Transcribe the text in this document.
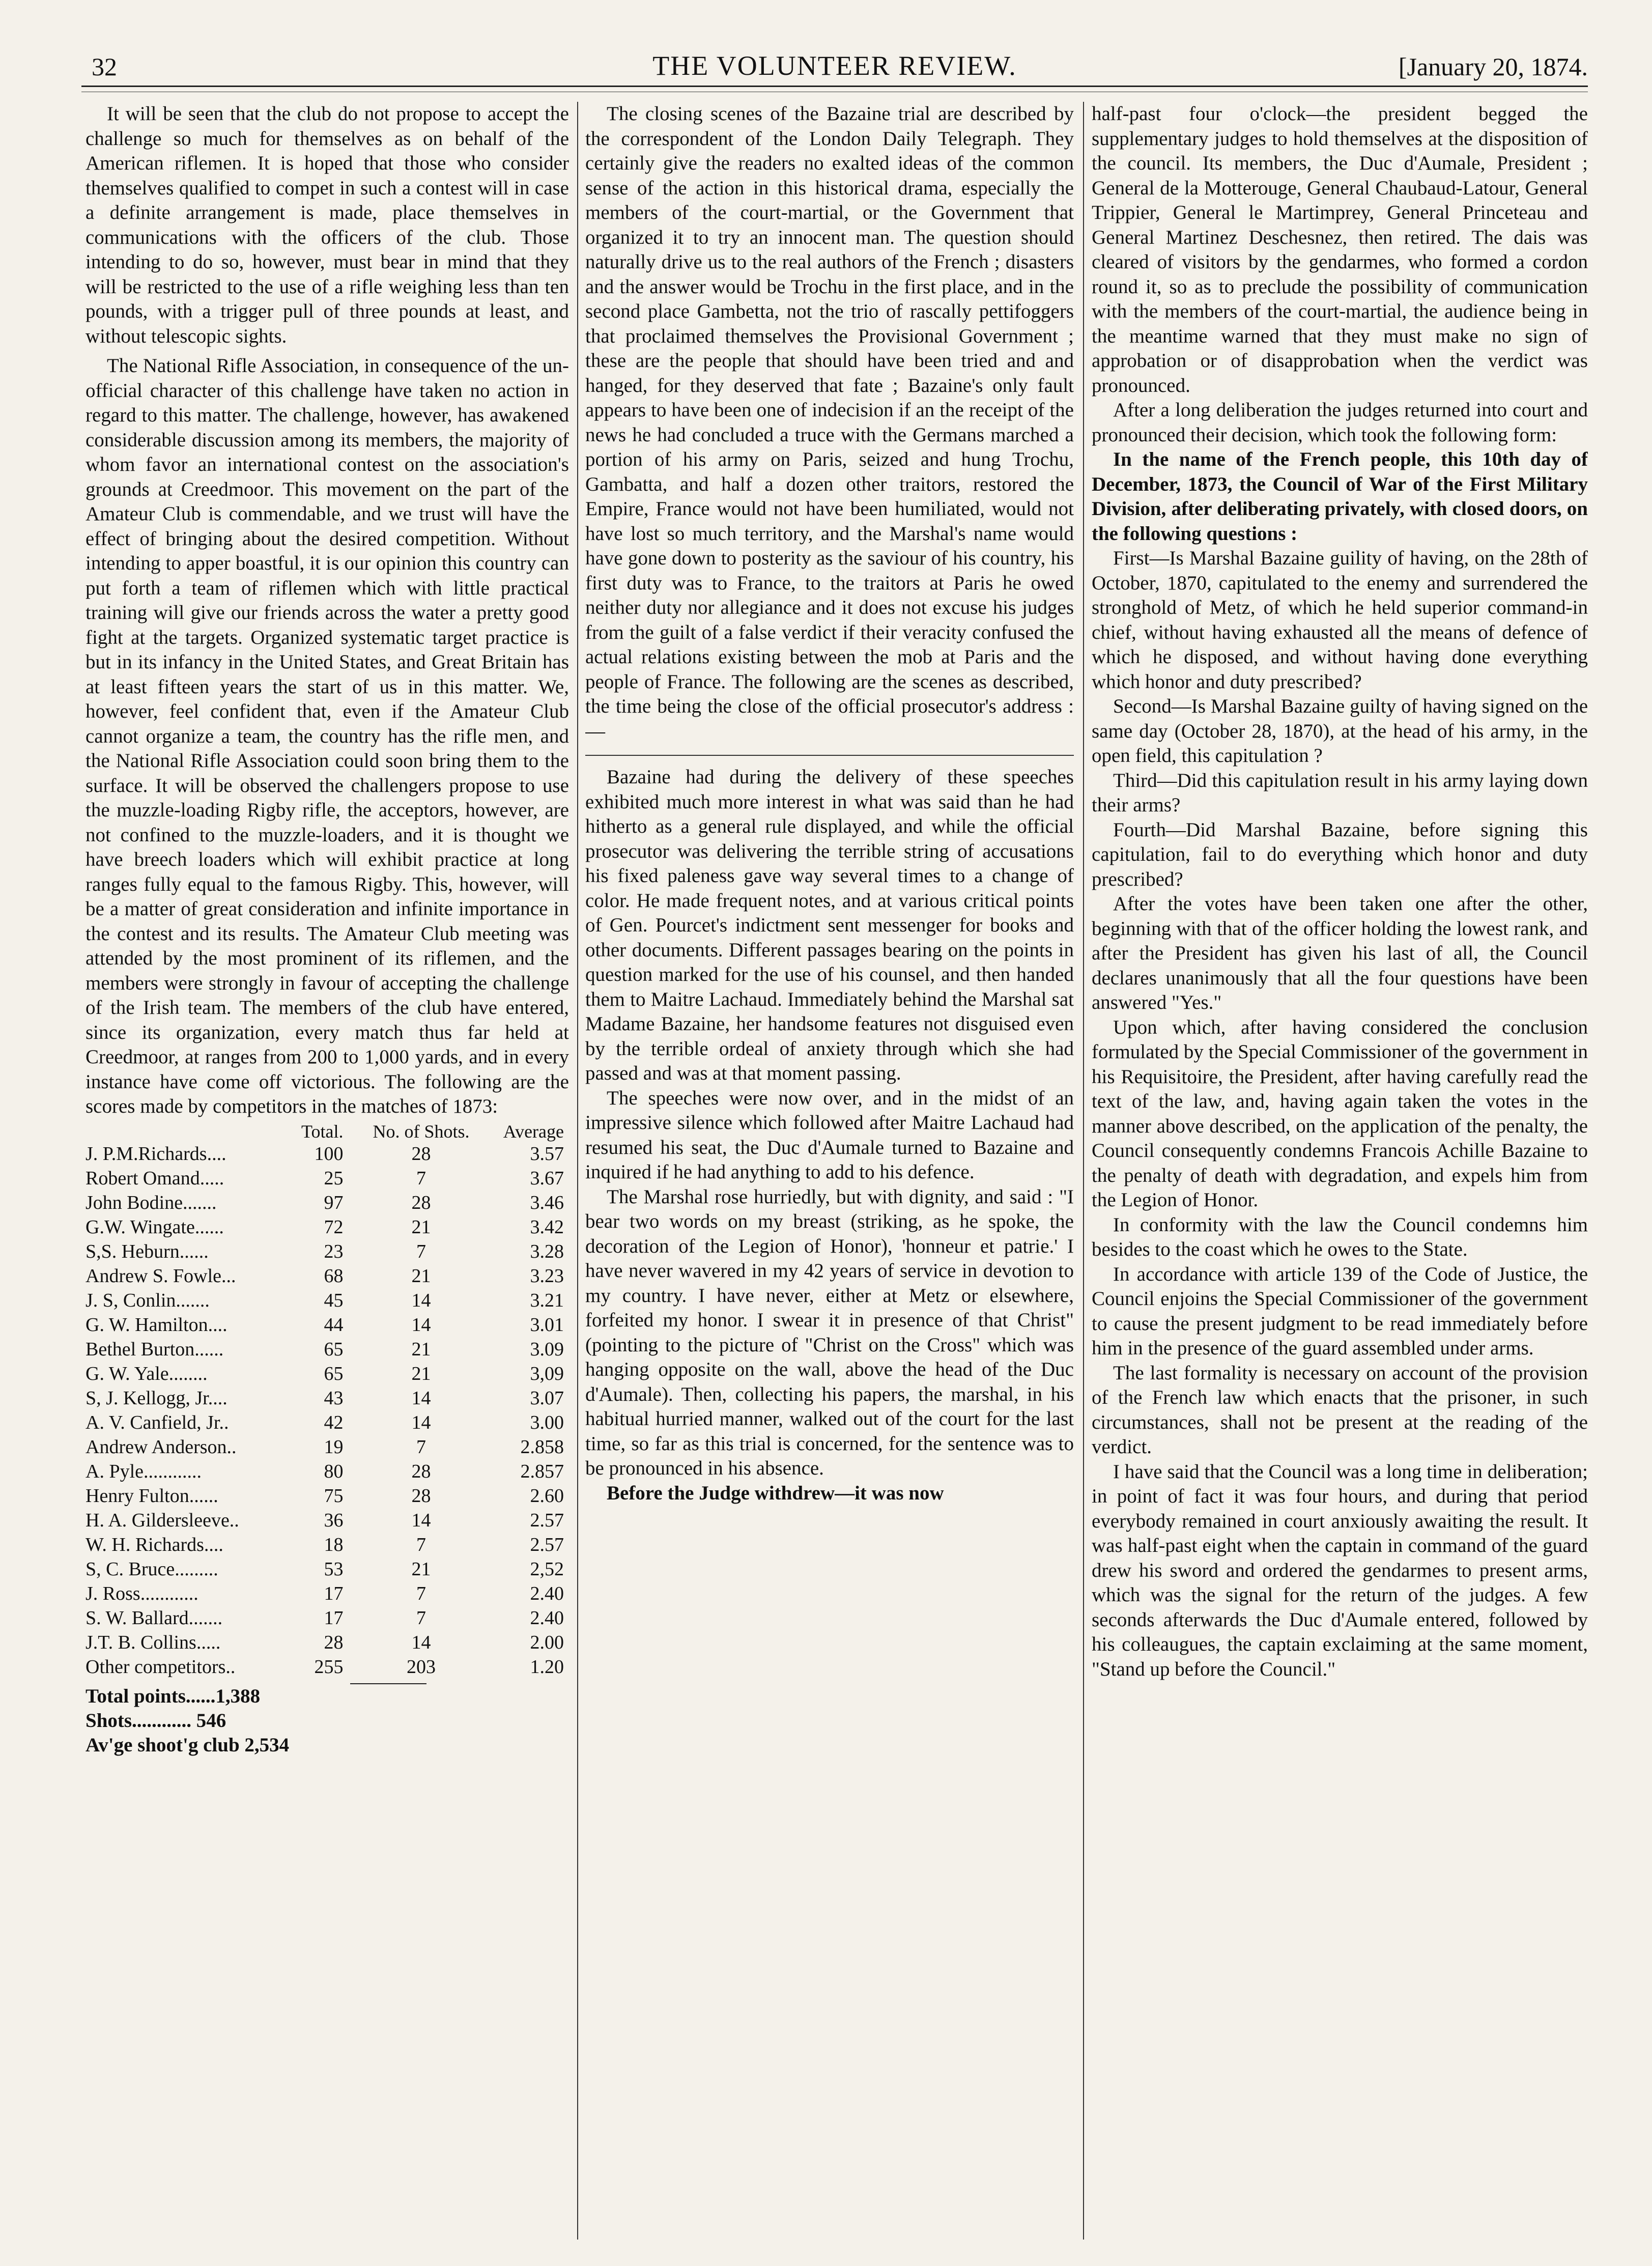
32	THE VOLUNTEER REVIEW.	[January 20, 1874.

It will be seen that the club do not propose to accept the challenge so much for themselves as on behalf of the American riflemen. It is hoped that those who consider themselves qualified to compet in such a contest will in case a definite arrangement is made, place themselves in communications with the officers of the club. Those intending to do so, however, must bear in mind that they will be restricted to the use of a rifle weighing less than ten pounds, with a trigger pull of three pounds at least, and without telescopic sights.

The National Rifle Association, in consequence of the un-official character of this challenge have taken no action in regard to this matter. The challenge, however, has awakened considerable discussion among its members, the majority of whom favor an international contest on the association's grounds at Creedmoor. This movement on the part of the Amateur Club is commendable, and we trust will have the effect of bringing about the desired competition. Without intending to apper boastful, it is our opinion this country can put forth a team of riflemen which with little practical training will give our friends across the water a pretty good fight at the targets. Organized systematic target practice is but in its infancy in the United States, and Great Britain has at least fifteen years the start of us in this matter. We, however, feel confident that, even if the Amateur Club cannot organize a team, the country has the rifle men, and the National Rifle Association could soon bring them to the surface. It will be observed the challengers propose to use the muzzle-loading Rigby rifle, the acceptors, however, are not confined to the muzzle-loaders, and it is thought we have breech loaders which will exhibit practice at long ranges fully equal to the famous Rigby. This, however, will be a matter of great consideration and infinite importance in the contest and its results. The Amateur Club meeting was attended by the most prominent of its riflemen, and the members were strongly in favour of accepting the challenge of the Irish team. The members of the club have entered, since its organization, every match thus far held at Creedmoor, at ranges from 200 to 1,000 yards, and in every instance have come off victorious. The following are the scores made by competitors in the matches of 1873:

	Total.	No. of Shots.	Average
J. P.M.Richards....	100	28	3.57
Robert Omand.....	25	7	3.67
John Bodine.......	97	28	3.46
G.W. Wingate......	72	21	3.42
S,S. Heburn......	23	7	3.28
Andrew S. Fowle...	68	21	3.23
J. S, Conlin.......	45	14	3.21
G. W. Hamilton....	44	14	3.01
Bethel Burton......	65	21	3.09
G. W. Yale........	65	21	3,09
S, J. Kellogg, Jr....	43	14	3.07
A. V. Canfield, Jr..	42	14	3.00
Andrew Anderson..	19	7	2.858
A. Pyle............	80	28	2.857
Henry Fulton......	75	28	2.60
H. A. Gildersleeve..	36	14	2.57
W. H. Richards....	18	7	2.57
S, C. Bruce.........	53	21	2,52
J. Ross............	17	7	2.40
S. W. Ballard.......	17	7	2.40
J.T. B. Collins.....	28	14	2.00
Other competitors..	255	203	1.20
Total points......1,388
Shots............ 546
Av'ge shoot'g club 2,534

The closing scenes of the Bazaine trial are described by the correspondent of the London Daily Telegraph. They certainly give the readers no exalted ideas of the common sense of the action in this historical drama, especially the members of the court-martial, or the Government that organized it to try an innocent man. The question should naturally drive us to the real authors of the French ; disasters and the answer would be Trochu in the first place, and in the second place Gambetta, not the trio of rascally pettifoggers that proclaimed themselves the Provisional Government ; these are the people that should have been tried and and hanged, for they deserved that fate ; Bazaine's only fault appears to have been one of indecision if an the receipt of the news he had concluded a truce with the Germans marched a portion of his army on Paris, seized and hung Trochu, Gambatta, and half a dozen other traitors, restored the Empire, France would not have been humiliated, would not have lost so much territory, and the Marshal's name would have gone down to posterity as the saviour of his country, his first duty was to France, to the traitors at Paris he owed neither duty nor allegiance and it does not excuse his judges from the guilt of a false verdict if their veracity confused the actual relations existing between the mob at Paris and the people of France. The following are the scenes as described, the time being the close of the official prosecutor's address :—

Bazaine had during the delivery of these speeches exhibited much more interest in what was said than he had hitherto as a general rule displayed, and while the official prosecutor was delivering the terrible string of accusations his fixed paleness gave way several times to a change of color. He made frequent notes, and at various critical points of Gen. Pourcet's indictment sent messenger for books and other documents. Different passages bearing on the points in question marked for the use of his counsel, and then handed them to Maitre Lachaud. Immediately behind the Marshal sat Madame Bazaine, her handsome features not disguised even by the terrible ordeal of anxiety through which she had passed and was at that moment passing.

The speeches were now over, and in the midst of an impressive silence which followed after Maitre Lachaud had resumed his seat, the Duc d'Aumale turned to Bazaine and inquired if he had anything to add to his defence.

The Marshal rose hurriedly, but with dignity, and said : "I bear two words on my breast (striking, as he spoke, the decoration of the Legion of Honor), 'honneur et patrie.' I have never wavered in my 42 years of service in devotion to my country. I have never, either at Metz or elsewhere, forfeited my honor. I swear it in presence of that Christ" (pointing to the picture of "Christ on the Cross" which was hanging opposite on the wall, above the head of the Duc d'Aumale). Then, collecting his papers, the marshal, in his habitual hurried manner, walked out of the court for the last time, so far as this trial is concerned, for the sentence was to be pronounced in his absence.

Before the Judge withdrew—it was now

half-past four o'clock—the president begged the supplementary judges to hold themselves at the disposition of the council. Its members, the Duc d'Aumale, President ; General de la Motterouge, General Chaubaud-Latour, General Trippier, General le Martimprey, General Princeteau and General Martinez Deschesnez, then retired. The dais was cleared of visitors by the gendarmes, who formed a cordon round it, so as to preclude the possibility of communication with the members of the court-martial, the audience being in the meantime warned that they must make no sign of approbation or of disapprobation when the verdict was pronounced.

After a long deliberation the judges returned into court and pronounced their decision, which took the following form:

In the name of the French people, this 10th day of December, 1873, the Council of War of the First Military Division, after deliberating privately, with closed doors, on the following questions :

First—Is Marshal Bazaine guility of having, on the 28th of October, 1870, capitulated to the enemy and surrendered the stronghold of Metz, of which he held superior command-in chief, without having exhausted all the means of defence of which he disposed, and without having done everything which honor and duty prescribed?

Second—Is Marshal Bazaine guilty of having signed on the same day (October 28, 1870), at the head of his army, in the open field, this capitulation ?

Third—Did this capitulation result in his army laying down their arms?

Fourth—Did Marshal Bazaine, before signing this capitulation, fail to do everything which honor and duty prescribed?

After the votes have been taken one after the other, beginning with that of the officer holding the lowest rank, and after the President has given his last of all, the Council declares unanimously that all the four questions have been answered "Yes."

Upon which, after having considered the conclusion formulated by the Special Commissioner of the government in his Requisitoire, the President, after having carefully read the text of the law, and, having again taken the votes in the manner above described, on the application of the penalty, the Council consequently condemns Francois Achille Bazaine to the penalty of death with degradation, and expels him from the Legion of Honor.

In conformity with the law the Council condemns him besides to the coast which he owes to the State.

In accordance with article 139 of the Code of Justice, the Council enjoins the Special Commissioner of the government to cause the present judgment to be read immediately before him in the presence of the guard assembled under arms.

The last formality is necessary on account of the provision of the French law which enacts that the prisoner, in such circumstances, shall not be present at the reading of the verdict.

I have said that the Council was a long time in deliberation; in point of fact it was four hours, and during that period everybody remained in court anxiously awaiting the result. It was half-past eight when the captain in command of the guard drew his sword and ordered the gendarmes to present arms, which was the signal for the return of the judges. A few seconds afterwards the Duc d'Aumale entered, followed by his colleaugues, the captain exclaiming at the same moment, "Stand up before the Council."
